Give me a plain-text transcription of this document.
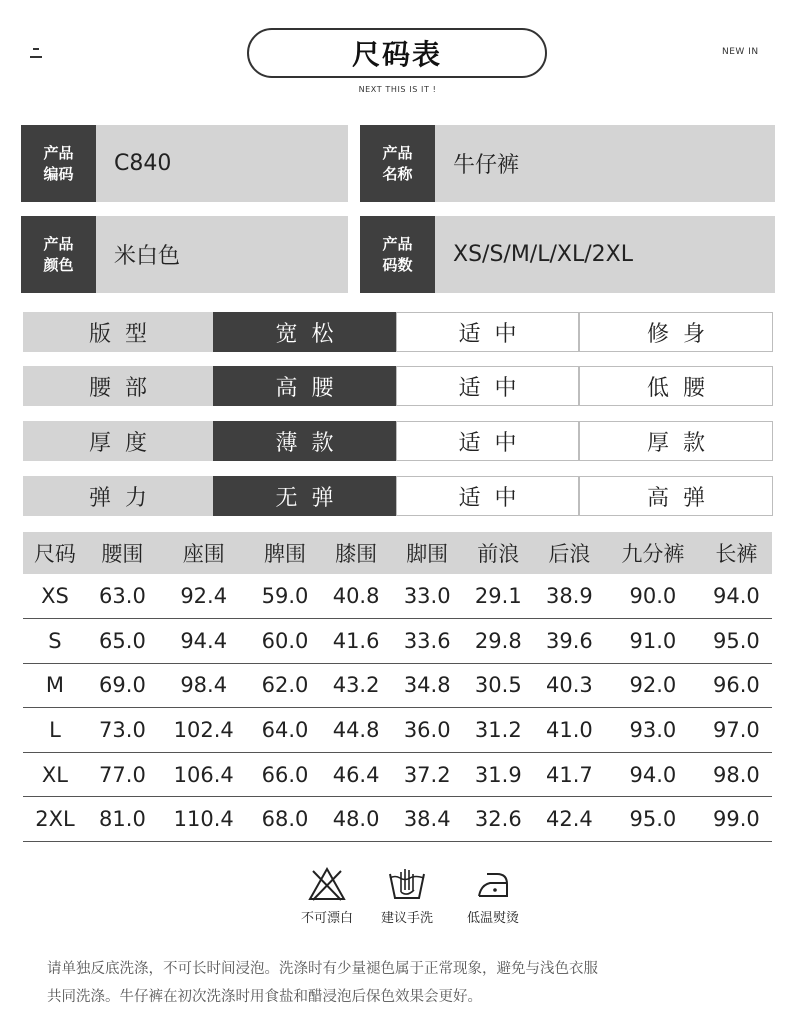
尺码表	NEW IN
NEXT THIS IS IT !
产品
编码	C840	产品
名称	牛仔裤
产品
颜色	米白色
产品
码数	XS/S/M/L/XL/2XL
版型	宽松	适中	修身
腰部	高腰	适中	低腰
厚度	薄款	适中	厚款
弹力	无弹	适中	高弹
尺码	腰围	座围	脾围	膝围	脚围	前浪	后浪	九分裤	长裤
XS	63.0	92.4	59.0	40.8	33.0	29.1	38.9	90.0	94.0
S	65.0	94.4	60.0	41.6	33.6	29.8	39.6	91.0	95.0
M	69.0	98.4	62.0	43.2	34.8	30.5	40.3	92.0	96.0
L	73.0	102.4	64.0	44.8	36.0	31.2	41.0	93.0	97.0
XL	77.0	106.4	66.0	46.4	37.2	31.9	41.7	94.0	98.0
2XL	81.0	110.4	68.0	48.0	38.4	32.6	42.4	95.0	99.0
不可漂白 建议手洗	低温熨烫
请单独反底洗涤，不可长时间浸泡。洗涤时有少量褪色属于正常现象，避免与浅色衣服
共同洗涤。牛仔裤在初次洗涤时用食盐和醋浸泡后保色效果会更好。
